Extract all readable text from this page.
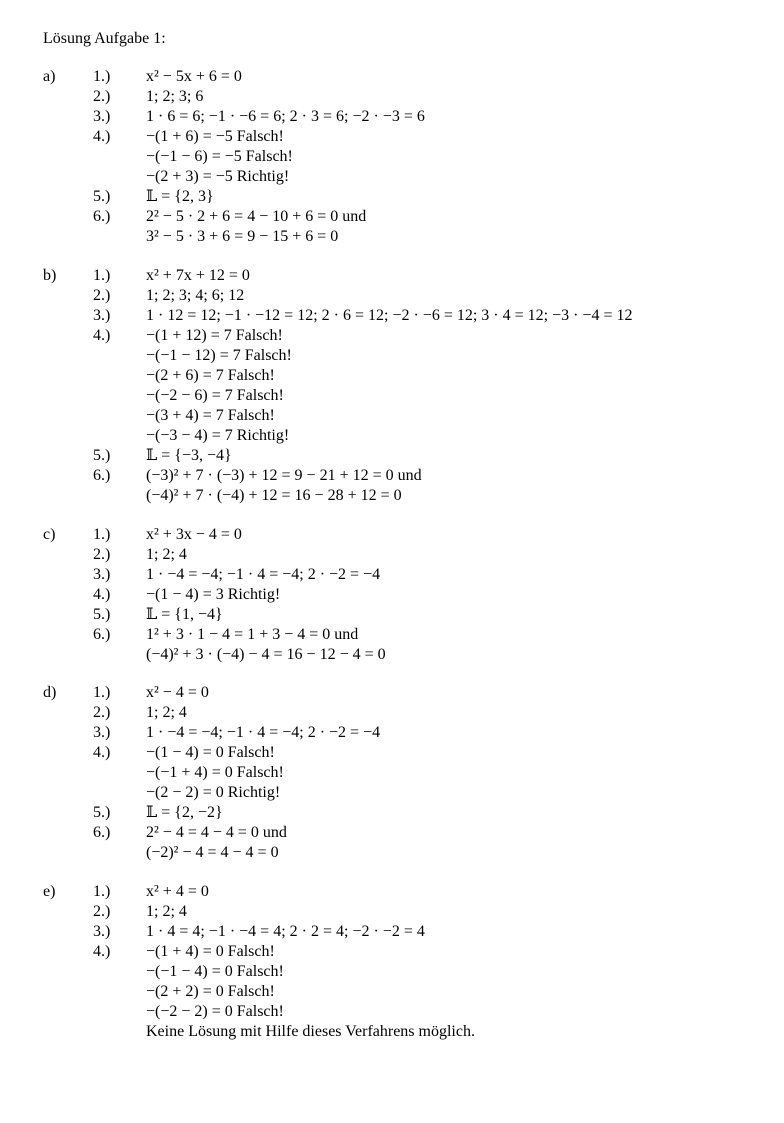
Lösung Aufgabe 1:
a) 1.) x² − 5x + 6 = 0
2.) 1; 2; 3; 6
3.) 1 · 6 = 6; −1 · −6 = 6; 2 · 3 = 6; −2 · −3 = 6
4.) −(1 + 6) = −5 Falsch!
−(−1 − 6) = −5 Falsch!
−(2 + 3) = −5 Richtig!
5.) 𝕃 = {2, 3}
6.) 2² − 5 · 2 + 6 = 4 − 10 + 6 = 0 und
3² − 5 · 3 + 6 = 9 − 15 + 6 = 0
b) 1.) x² + 7x + 12 = 0
2.) 1; 2; 3; 4; 6; 12
3.) 1 · 12 = 12; −1 · −12 = 12; 2 · 6 = 12; −2 · −6 = 12; 3 · 4 = 12; −3 · −4 = 12
4.) −(1 + 12) = 7 Falsch!
−(−1 − 12) = 7 Falsch!
−(2 + 6) = 7 Falsch!
−(−2 − 6) = 7 Falsch!
−(3 + 4) = 7 Falsch!
−(−3 − 4) = 7 Richtig!
5.) 𝕃 = {−3, −4}
6.) (−3)² + 7 · (−3) + 12 = 9 − 21 + 12 = 0 und
(−4)² + 7 · (−4) + 12 = 16 − 28 + 12 = 0
c) 1.) x² + 3x − 4 = 0
2.) 1; 2; 4
3.) 1 · −4 = −4; −1 · 4 = −4; 2 · −2 = −4
4.) −(1 − 4) = 3 Richtig!
5.) 𝕃 = {1, −4}
6.) 1² + 3 · 1 − 4 = 1 + 3 − 4 = 0 und
(−4)² + 3 · (−4) − 4 = 16 − 12 − 4 = 0
d) 1.) x² − 4 = 0
2.) 1; 2; 4
3.) 1 · −4 = −4; −1 · 4 = −4; 2 · −2 = −4
4.) −(1 − 4) = 0 Falsch!
−(−1 + 4) = 0 Falsch!
−(2 − 2) = 0 Richtig!
5.) 𝕃 = {2, −2}
6.) 2² − 4 = 4 − 4 = 0 und
(−2)² − 4 = 4 − 4 = 0
e) 1.) x² + 4 = 0
2.) 1; 2; 4
3.) 1 · 4 = 4; −1 · −4 = 4; 2 · 2 = 4; −2 · −2 = 4
4.) −(1 + 4) = 0 Falsch!
−(−1 − 4) = 0 Falsch!
−(2 + 2) = 0 Falsch!
−(−2 − 2) = 0 Falsch!
Keine Lösung mit Hilfe dieses Verfahrens möglich.
